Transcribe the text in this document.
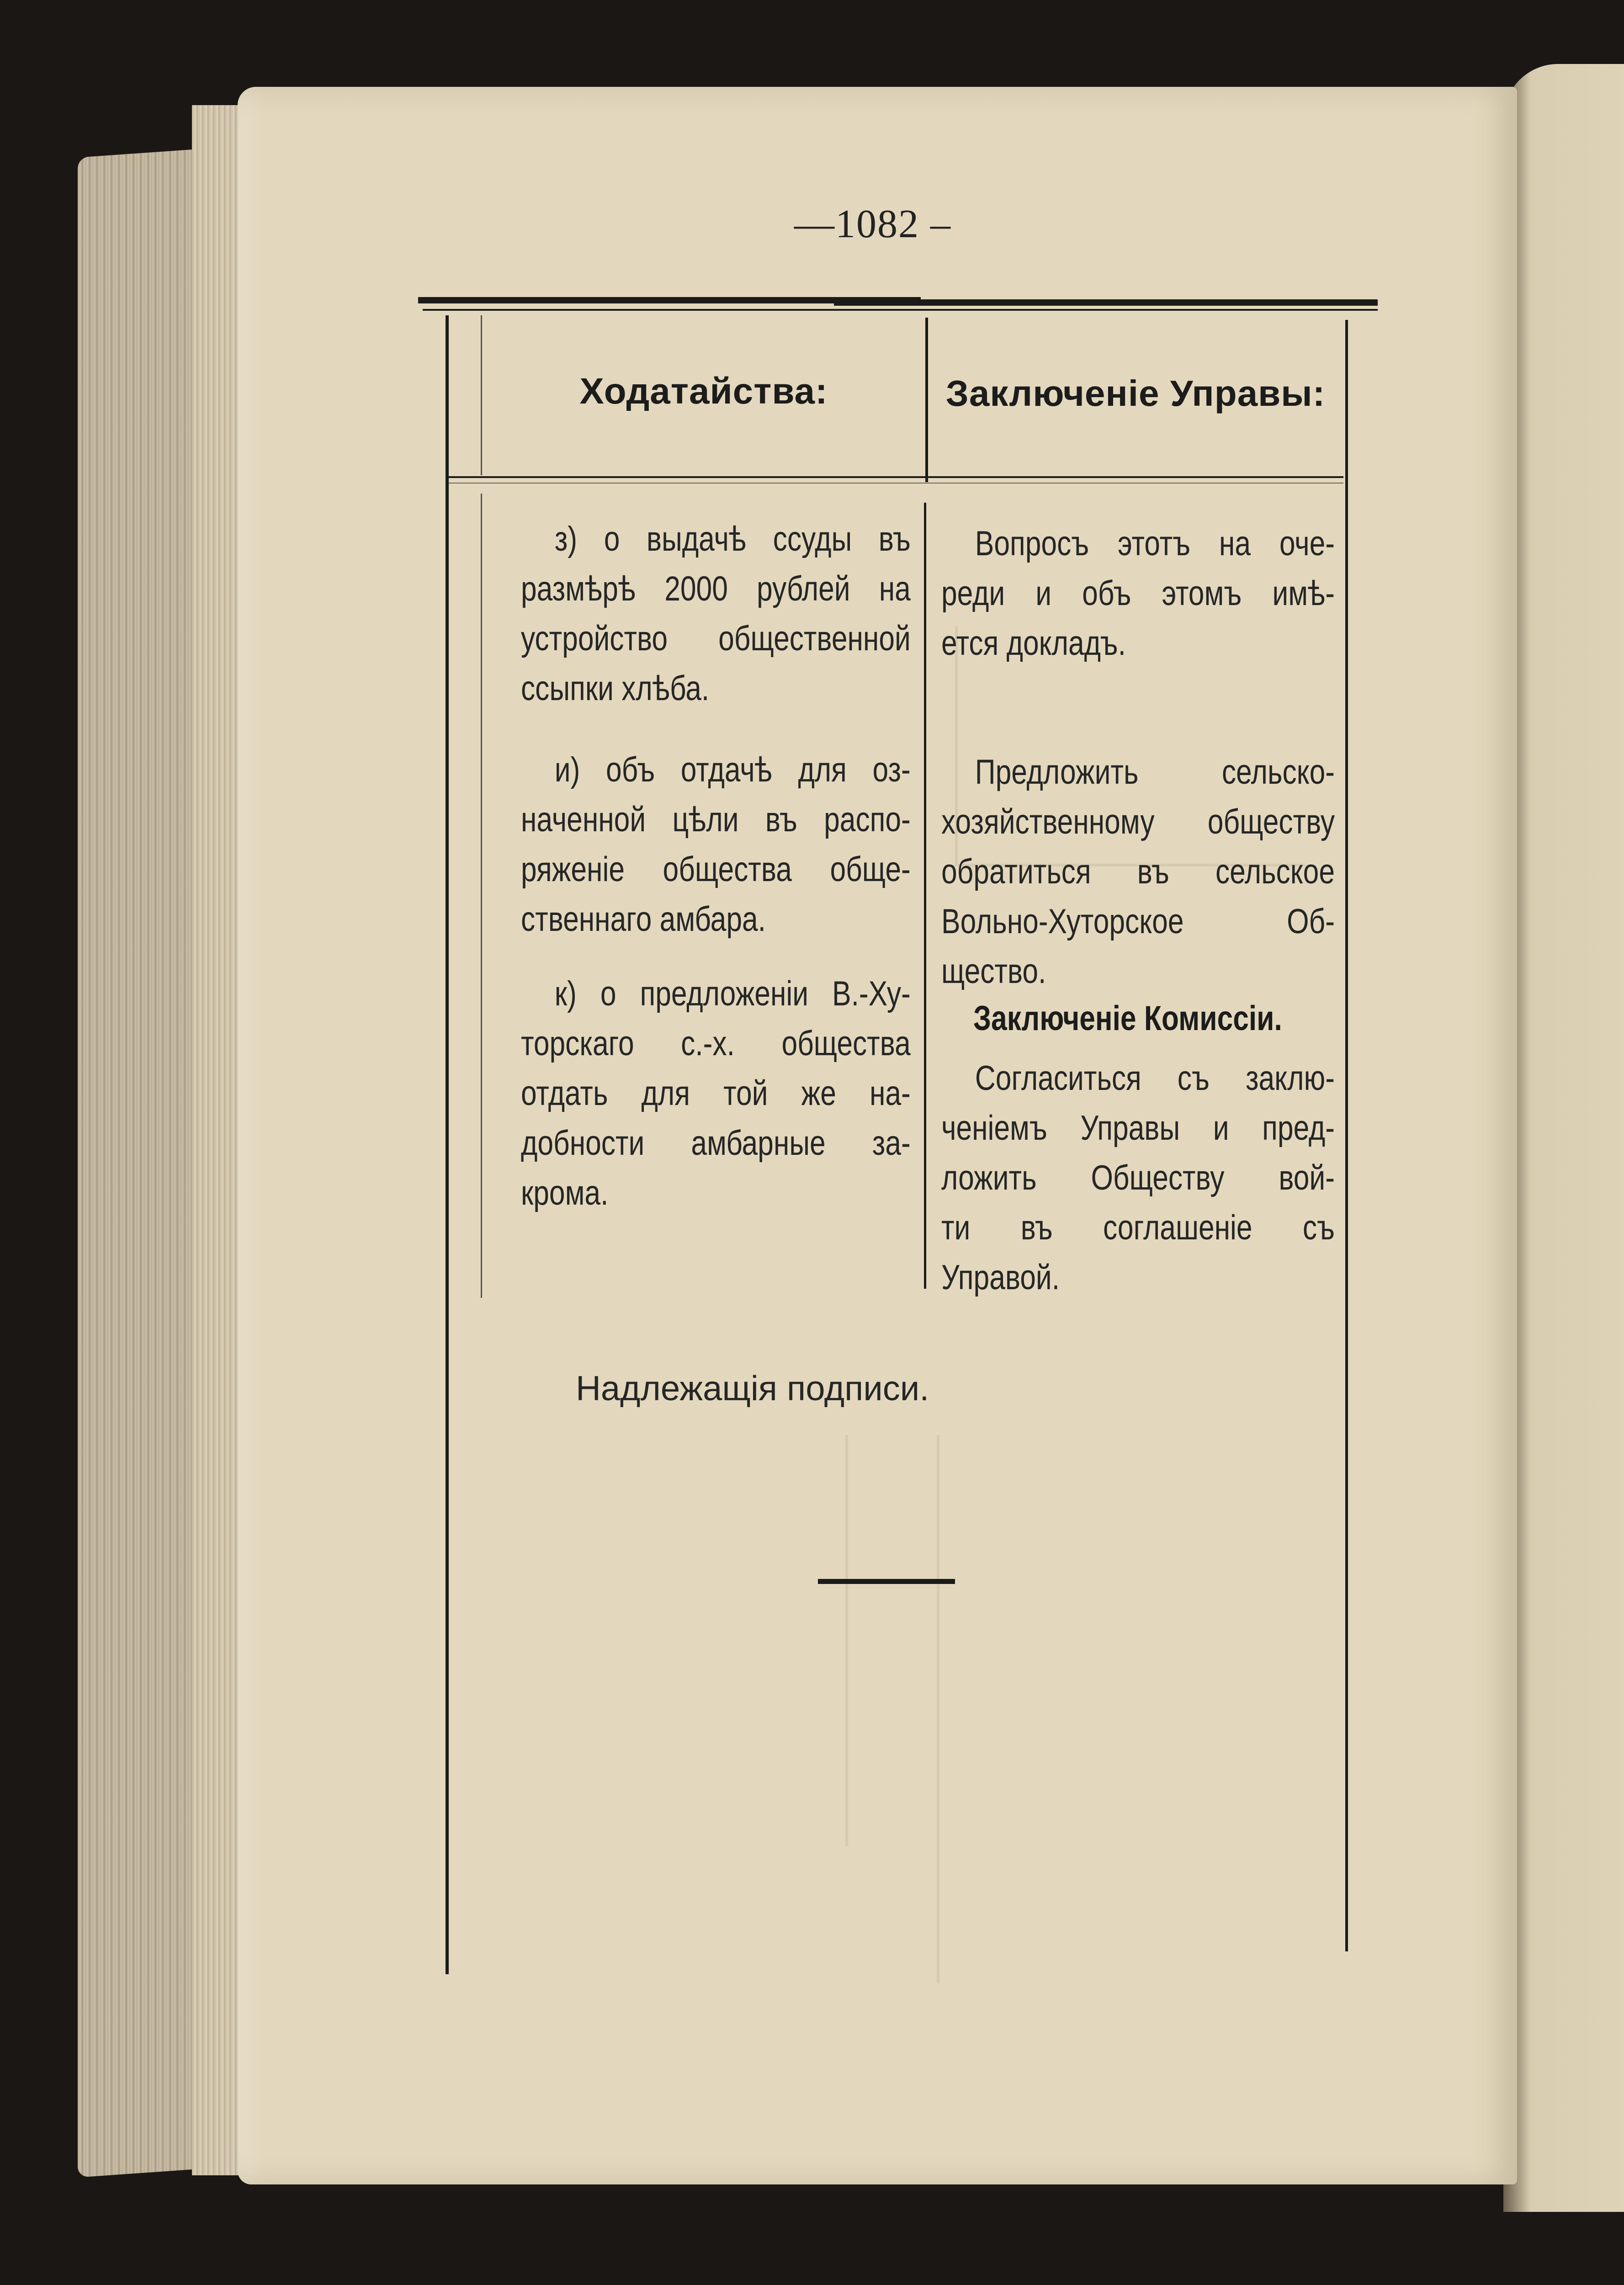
—1082 –
Ходатайства:	Заключеніе Управы:
з) о выдачѣ ссуды въ
размѣрѣ 2000 рублей на
устройство общественной
ссыпки хлѣба.
и) объ отдачѣ для оз-
наченной цѣли въ распо-
ряженіе общества обще-
ственнаго амбара.
к) о предложеніи В.-Ху-
торскаго с.-х. общества
отдать для той же на-
добности амбарные за-
крома.
Вопросъ этотъ на оче-
реди и объ этомъ имѣ-
ется докладъ.
Предложить сельско-
хозяйственному обществу
обратиться въ сельское
Вольно-Хуторское Об-
щество.
Заключеніе Комиссіи.
Согласиться съ заклю-
ченіемъ Управы и пред-
ложить Обществу вой-
ти въ соглашеніе съ
Управой.
Надлежащія подписи.
